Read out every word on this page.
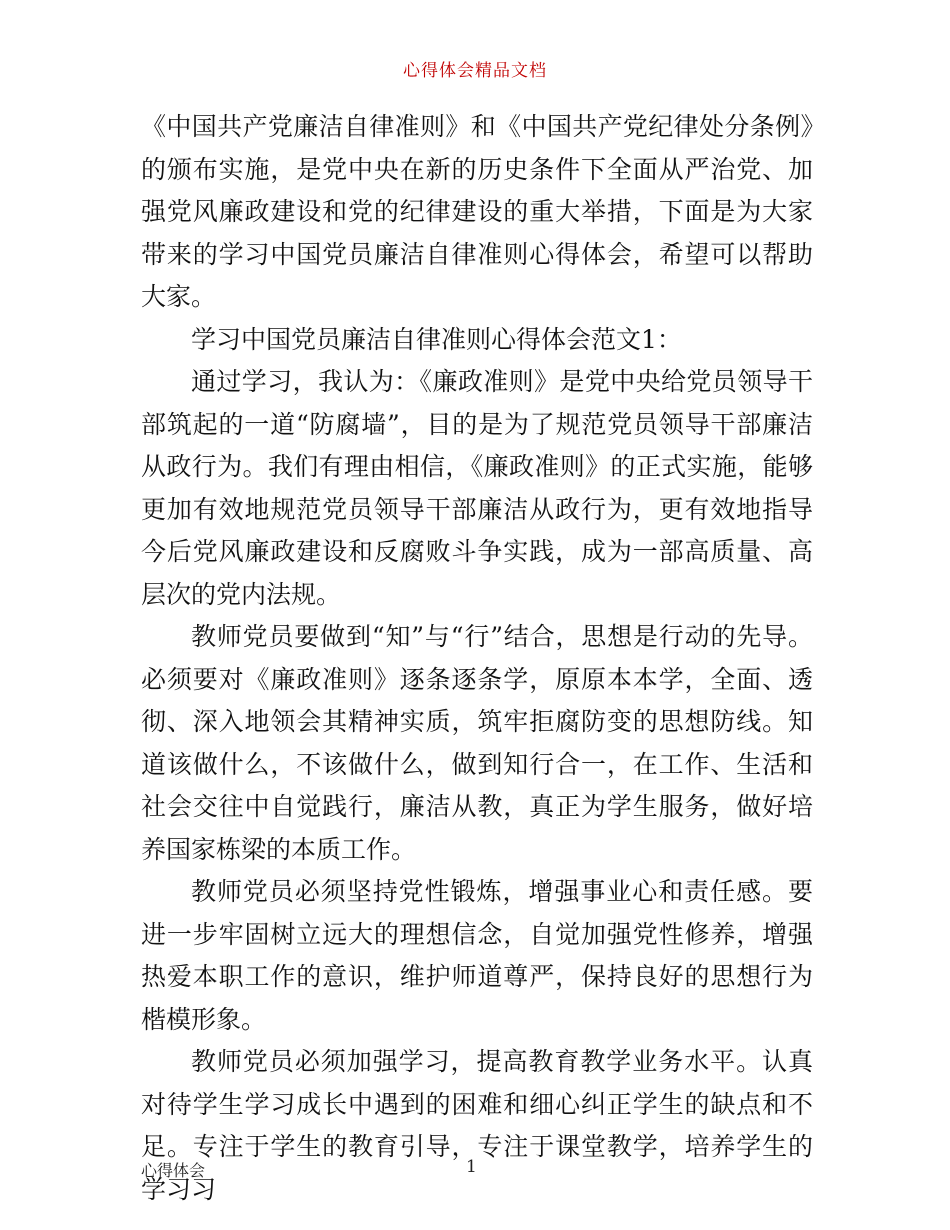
心得体会精品文档

《中国共产党廉洁自律准则》和《中国共产党纪律处分条例》的颁布实施，是党中央在新的历史条件下全面从严治党、加强党风廉政建设和党的纪律建设的重大举措，下面是为大家带来的学习中国党员廉洁自律准则心得体会，希望可以帮助大家。

学习中国党员廉洁自律准则心得体会范文1：

通过学习，我认为：《廉政准则》是党中央给党员领导干部筑起的一道“防腐墙”，目的是为了规范党员领导干部廉洁从政行为。我们有理由相信，《廉政准则》的正式实施，能够更加有效地规范党员领导干部廉洁从政行为，更有效地指导今后党风廉政建设和反腐败斗争实践，成为一部高质量、高层次的党内法规。

教师党员要做到“知”与“行”结合，思想是行动的先导。必须要对《廉政准则》逐条逐条学，原原本本学，全面、透彻、深入地领会其精神实质，筑牢拒腐防变的思想防线。知道该做什么，不该做什么，做到知行合一，在工作、生活和社会交往中自觉践行，廉洁从教，真正为学生服务，做好培养国家栋梁的本质工作。

教师党员必须坚持党性锻炼，增强事业心和责任感。要进一步牢固树立远大的理想信念，自觉加强党性修养，增强热爱本职工作的意识，维护师道尊严，保持良好的思想行为楷模形象。

教师党员必须加强学习，提高教育教学业务水平。认真对待学生学习成长中遇到的困难和细心纠正学生的缺点和不足。专注于学生的教育引导，专注于课堂教学，培养学生的学习习

心得体会	1
